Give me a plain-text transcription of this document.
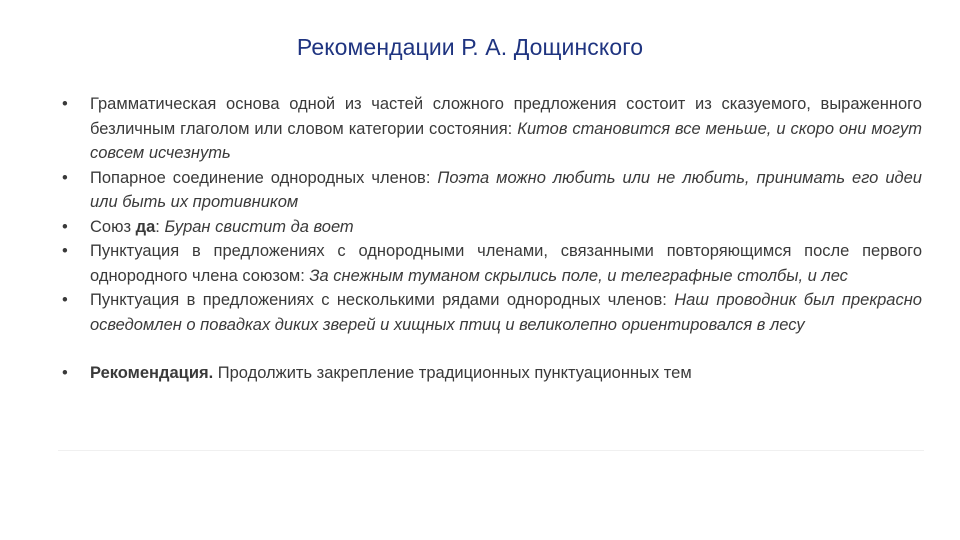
Рекомендации Р. А. Дощинского
• Грамматическая основа одной из частей сложного предложения состоит из сказуемого, выраженного безличным глаголом или словом категории состояния: Китов становится все меньше, и скоро они могут совсем исчезнуть
• Попарное соединение однородных членов: Поэта можно любить или не любить, принимать его идеи или быть их противником
• Союз да: Буран свистит да воет
• Пунктуация в предложениях с однородными членами, связанными повторяющимся после первого однородного члена союзом: За снежным туманом скрылись поле, и телеграфные столбы, и лес
• Пунктуация в предложениях с несколькими рядами однородных членов: Наш проводник был прекрасно осведомлен о повадках диких зверей и хищных птиц и великолепно ориентировался в лесу
• Рекомендация. Продолжить закрепление традиционных пунктуационных тем
